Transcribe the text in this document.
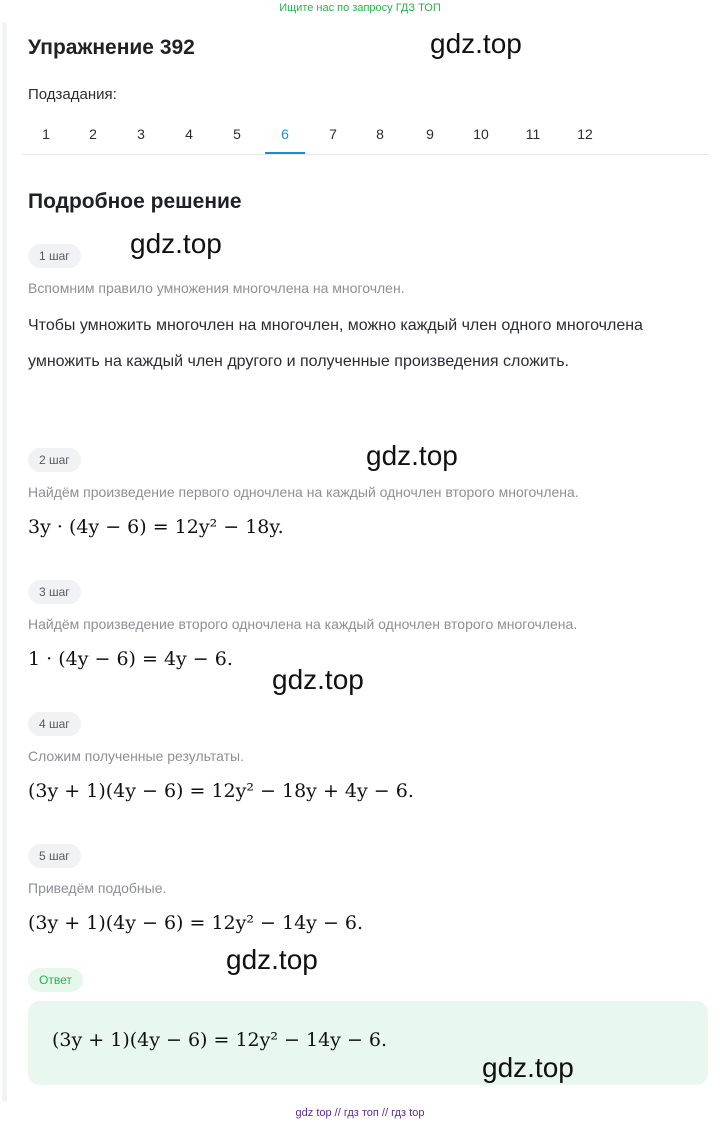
Ищите нас по запросу ГДЗ ТОП
Упражнение 392
Подзадания:
1	2	3	4	5	6	7	8	9	10	11	12
Подробное решение
1 шаг
Вспомним правило умножения многочлена на многочлен.
Чтобы умножить многочлен на многочлен, можно каждый член одного многочлена умножить на каждый член другого и полученные произведения сложить.
2 шаг
Найдём произведение первого одночлена на каждый одночлен второго многочлена.
3y · (4y − 6) = 12y² − 18y.
3 шаг
Найдём произведение второго одночлена на каждый одночлен второго многочлена.
1 · (4y − 6) = 4y − 6.
4 шаг
Сложим полученные результаты.
(3y + 1)(4y − 6) = 12y² − 18y + 4y − 6.
5 шаг
Приведём подобные.
(3y + 1)(4y − 6) = 12y² − 14y − 6.
Ответ
(3y + 1)(4y − 6) = 12y² − 14y − 6.
gdz.top
gdz.top
gdz.top
gdz.top
gdz.top
gdz.top
gdz top // гдз топ // гдз top
